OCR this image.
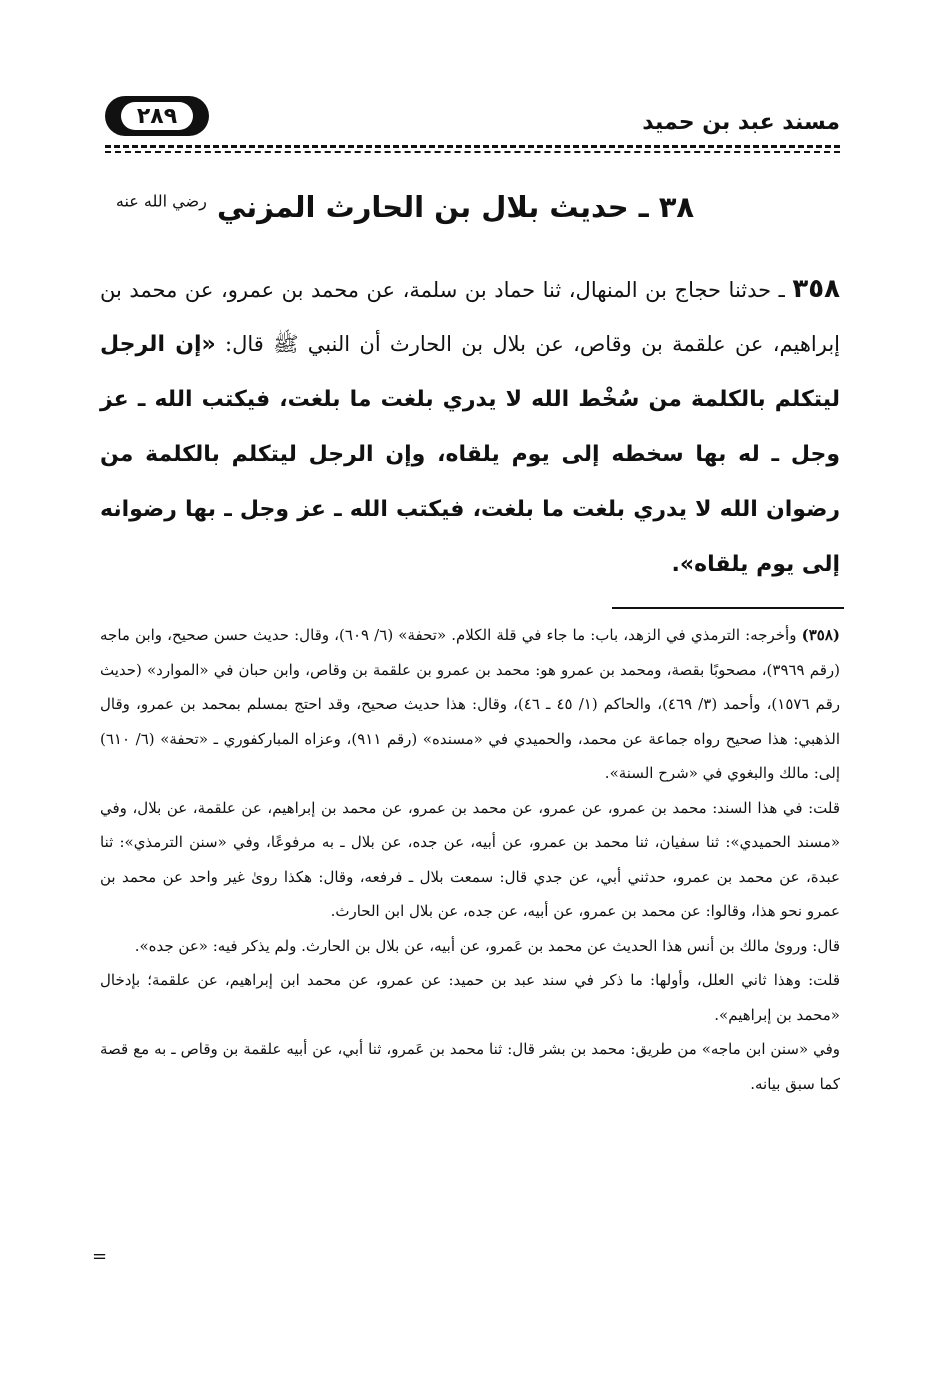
مسند عبد بن حميد
٢٨٩
٣٨ ـ حديث بلال بن الحارث المزني $^{رضي الله عنه}$
٣٥٨ ـ حدثنا حجاج بن المنهال، ثنا حماد بن سلمة، عن محمد بن عمرو، عن محمد بن إبراهيم، عن علقمة بن وقاص، عن بلال بن الحارث أن النبي ﷺ قال: «إن الرجل ليتكلم بالكلمة من سُخْط الله لا يدري بلغت ما بلغت، فيكتب الله ـ عز وجل ـ له بها سخطه إلى يوم يلقاه، وإن الرجل ليتكلم بالكلمة من رضوان الله لا يدري بلغت ما بلغت، فيكتب الله ـ عز وجل ـ بها رضوانه إلى يوم يلقاه».

(٣٥٨) وأخرجه: الترمذي في الزهد، باب: ما جاء في قلة الكلام. «تحفة» (٦/ ٦٠٩)، وقال: حديث حسن صحيح، وابن ماجه (رقم ٣٩٦٩)، مصحوبًا بقصة، ومحمد بن عمرو هو: محمد بن عمرو بن علقمة بن وقاص، وابن حبان في «الموارد» (حديث رقم ١٥٧٦)، وأحمد (٣/ ٤٦٩)، والحاكم (١/ ٤٥ ـ ٤٦)، وقال: هذا حديث صحيح، وقد احتج بمسلم بمحمد بن عمرو، وقال الذهبي: هذا صحيح رواه جماعة عن محمد، والحميدي في «مسنده» (رقم ٩١١)، وعزاه المباركفوري ـ «تحفة» (٦/ ٦١٠) إلى: مالك والبغوي في «شرح السنة».

قلت: في هذا السند: محمد بن عمرو، عن عمرو، عن محمد بن عمرو، عن محمد بن إبراهيم، عن علقمة، عن بلال، وفي «مسند الحميدي»: ثنا سفيان، ثنا محمد بن عمرو، عن أبيه، عن جده، عن بلال ـ به مرفوعًا، وفي «سنن الترمذي»: ثنا عبدة، عن محمد بن عمرو، حدثني أبي، عن جدي قال: سمعت بلال ـ فرفعه، وقال: هكذا روىٰ غير واحد عن محمد بن عمرو نحو هذا، وقالوا: عن محمد بن عمرو، عن أبيه، عن جده، عن بلال ابن الحارث.

قال: وروىٰ مالك بن أنس هذا الحديث عن محمد بن عَمرو، عن أبيه، عن بلال بن الحارث. ولم يذكر فيه: «عن جده».

قلت: وهذا ثاني العلل، وأولها: ما ذكر في سند عبد بن حميد: عن عمرو، عن محمد ابن إبراهيم، عن علقمة؛ بإدخال «محمد بن إبراهيم».

وفي «سنن ابن ماجه» من طريق: محمد بن بشر قال: ثنا محمد بن عَمرو، ثنا أبي، عن أبيه علقمة بن وقاص ـ به مع قصة كما سبق بيانه.

=
